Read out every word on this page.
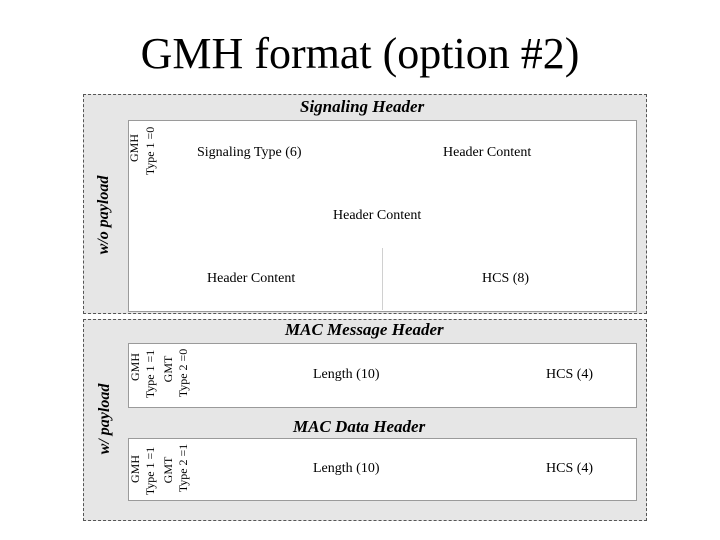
GMH format (option #2)
w/o payload
Signaling Header
GMH Type 1 =0	Signaling Type (6)	Header Content
Header Content
Header Content	HCS (8)
w/ payload
MAC Message Header
GMH Type 1 =1 GMT Type 2 =0	Length (10)	HCS (4)
MAC Data Header
GMH Type 1 =1 GMT Type 2 =1	Length (10)	HCS (4)
